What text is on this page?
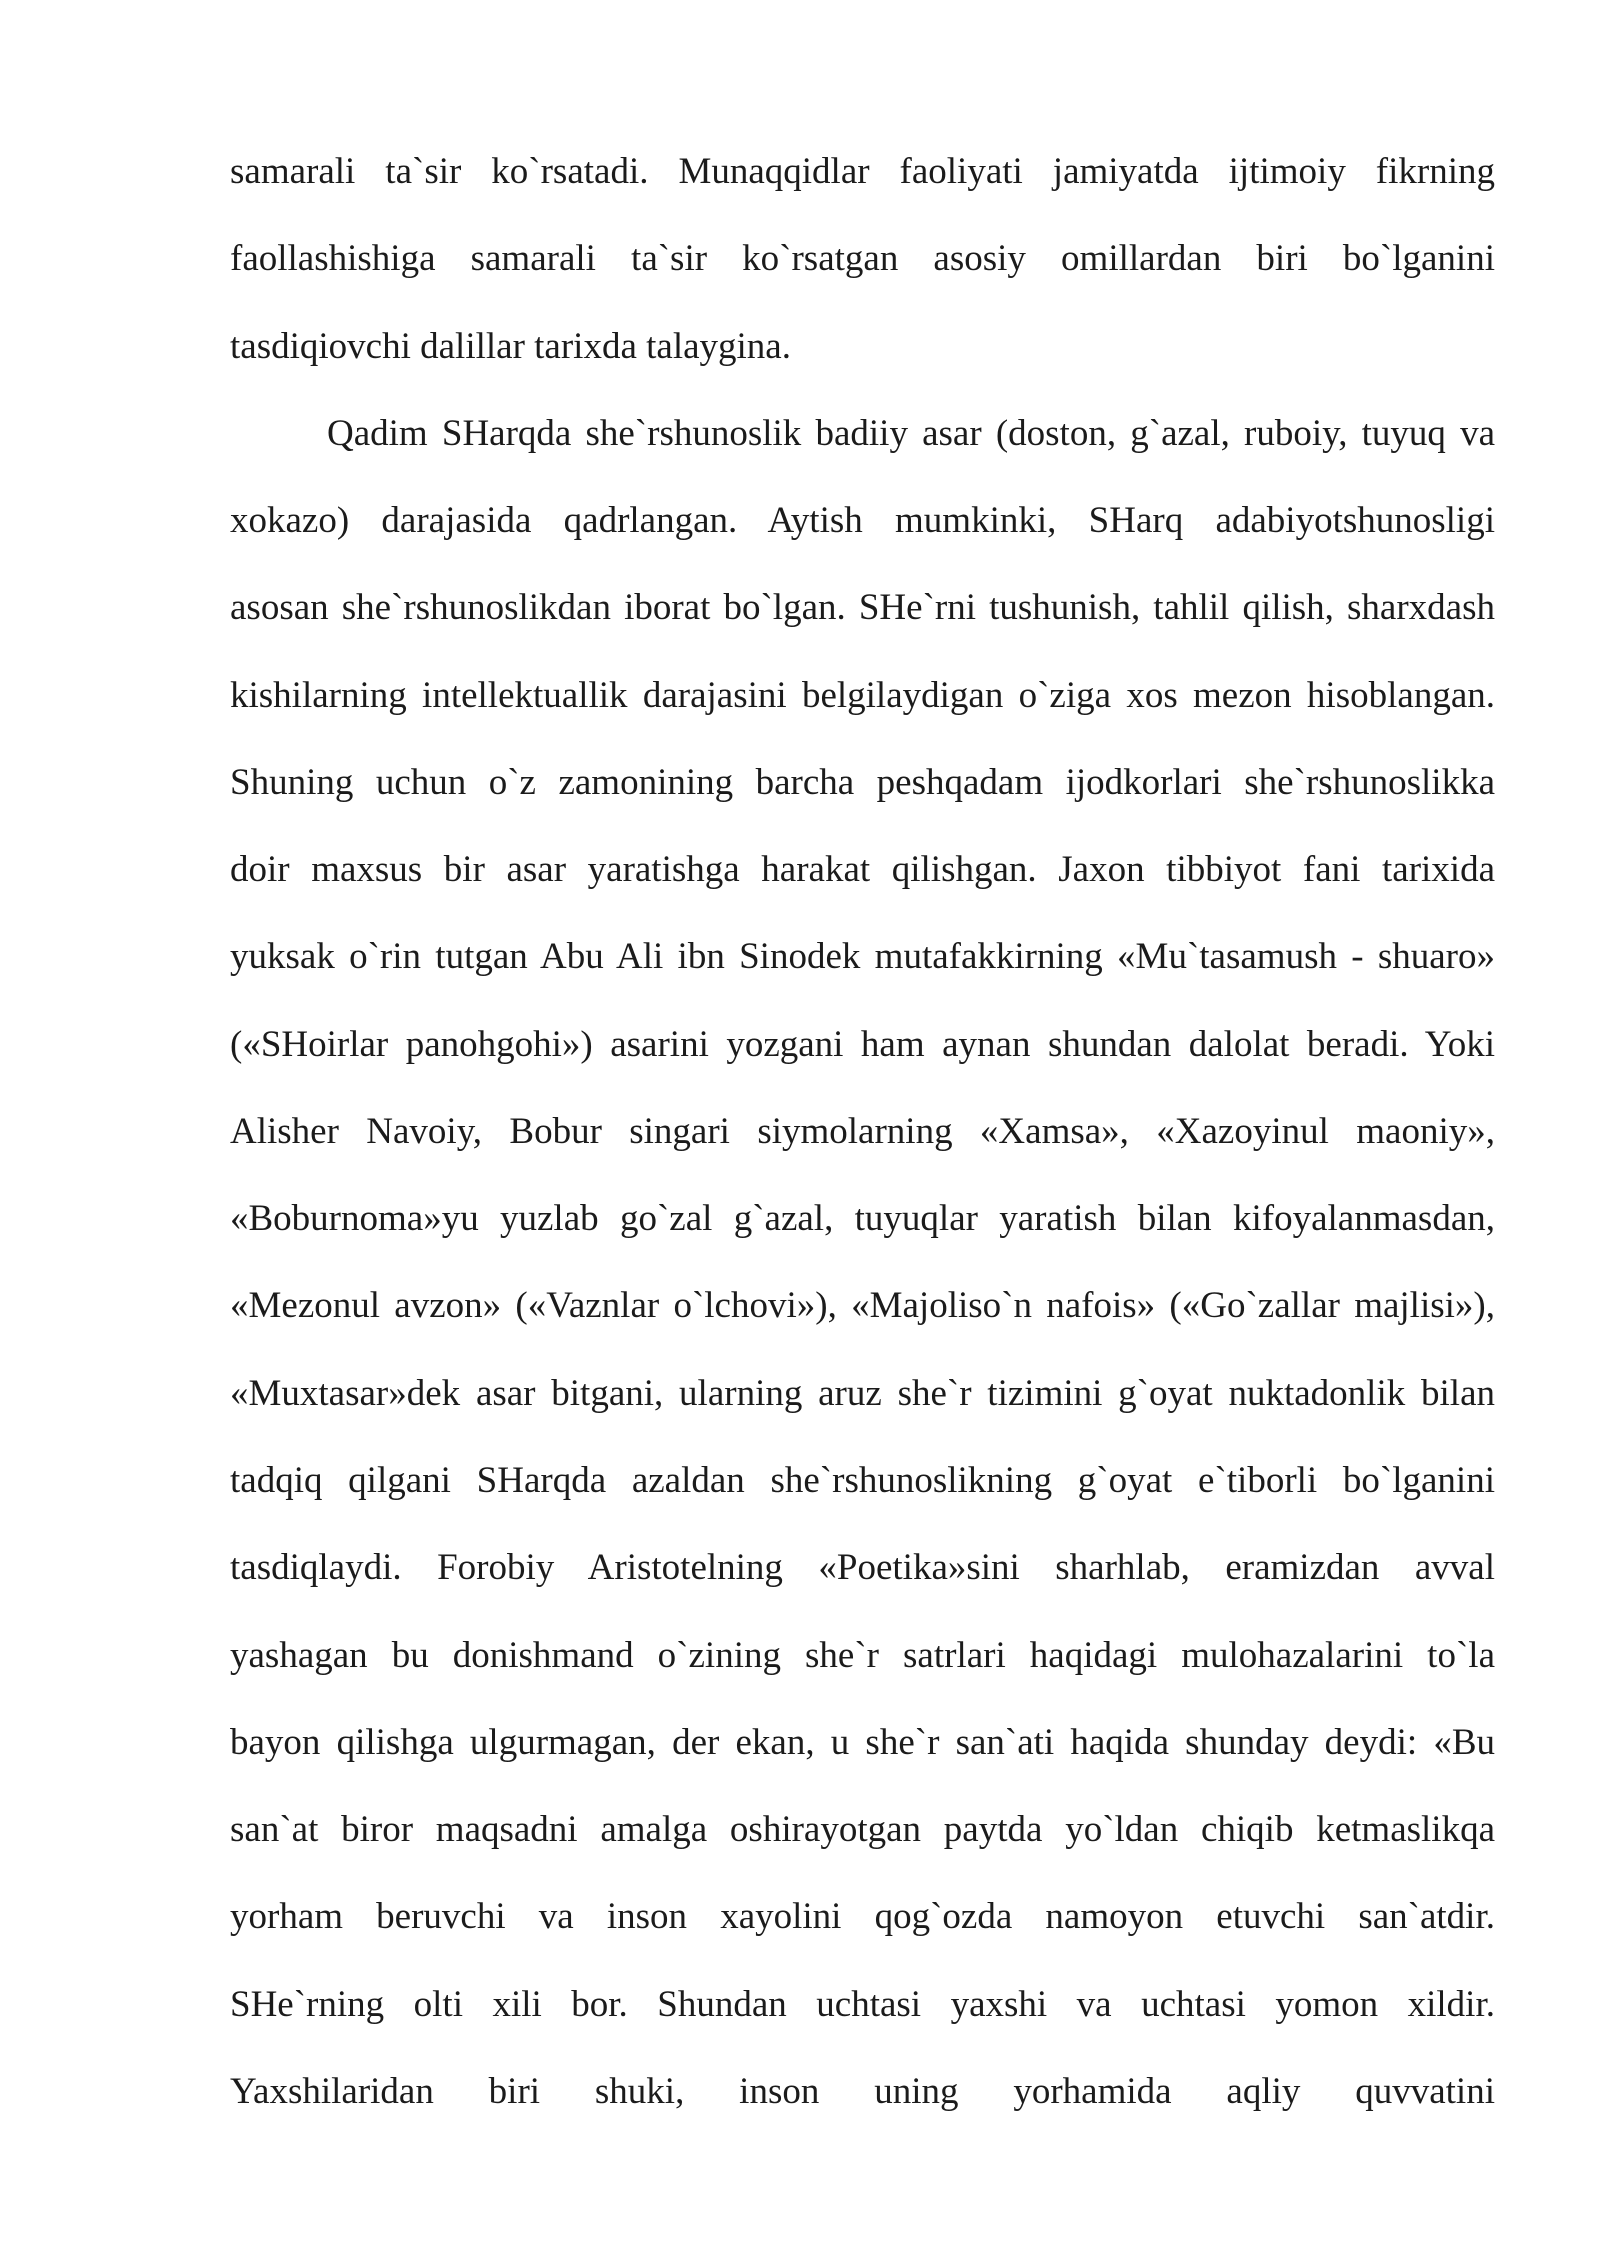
samarali ta`sir ko`rsatadi. Munaqqidlar faoliyati jamiyatda ijtimoiy fikrning
faollashishiga samarali ta`sir ko`rsatgan asosiy omillardan biri bo`lganini
tasdiqiovchi dalillar tarixda talaygina.
Qadim SHarqda she`rshunoslik badiiy asar (doston, g`azal, ruboiy, tuyuq va
xokazo) darajasida qadrlangan. Aytish mumkinki, SHarq adabiyotshunosligi
asosan she`rshunoslikdan iborat bo`lgan. SHe`rni tushunish, tahlil qilish, sharxdash
kishilarning intellektuallik darajasini belgilaydigan o`ziga xos mezon hisoblangan.
Shuning uchun o`z zamonining barcha peshqadam ijodkorlari she`rshunoslikka
doir maxsus bir asar yaratishga harakat qilishgan. Jaxon tibbiyot fani tarixida
yuksak o`rin tutgan Abu Ali ibn Sinodek mutafakkirning «Mu`tasamush - shuaro»
(«SHoirlar panohgohi») asarini yozgani ham aynan shundan dalolat beradi. Yoki
Alisher Navoiy, Bobur singari siymolarning «Xamsa», «Xazoyinul maoniy»,
«Boburnoma»yu yuzlab go`zal g`azal, tuyuqlar yaratish bilan kifoyalanmasdan,
«Mezonul avzon» («Vaznlar o`lchovi»), «Majoliso`n nafois» («Go`zallar majlisi»),
«Muxtasar»dek asar bitgani, ularning aruz she`r tizimini g`oyat nuktadonlik bilan
tadqiq qilgani SHarqda azaldan she`rshunoslikning g`oyat e`tiborli bo`lganini
tasdiqlaydi. Forobiy Aristotelning «Poetika»sini sharhlab, eramizdan avval
yashagan bu donishmand o`zining she`r satrlari haqidagi mulohazalarini to`la
bayon qilishga ulgurmagan, der ekan, u she`r san`ati haqida shunday deydi: «Bu
san`at biror maqsadni amalga oshirayotgan paytda yo`ldan chiqib ketmaslikqa
yorham beruvchi va inson xayolini qog`ozda namoyon etuvchi san`atdir.
SHe`rning olti xili bor. Shundan uchtasi yaxshi va uchtasi yomon xildir.
Yaxshilaridan biri shuki, inson uning yorhamida aqliy quvvatini
